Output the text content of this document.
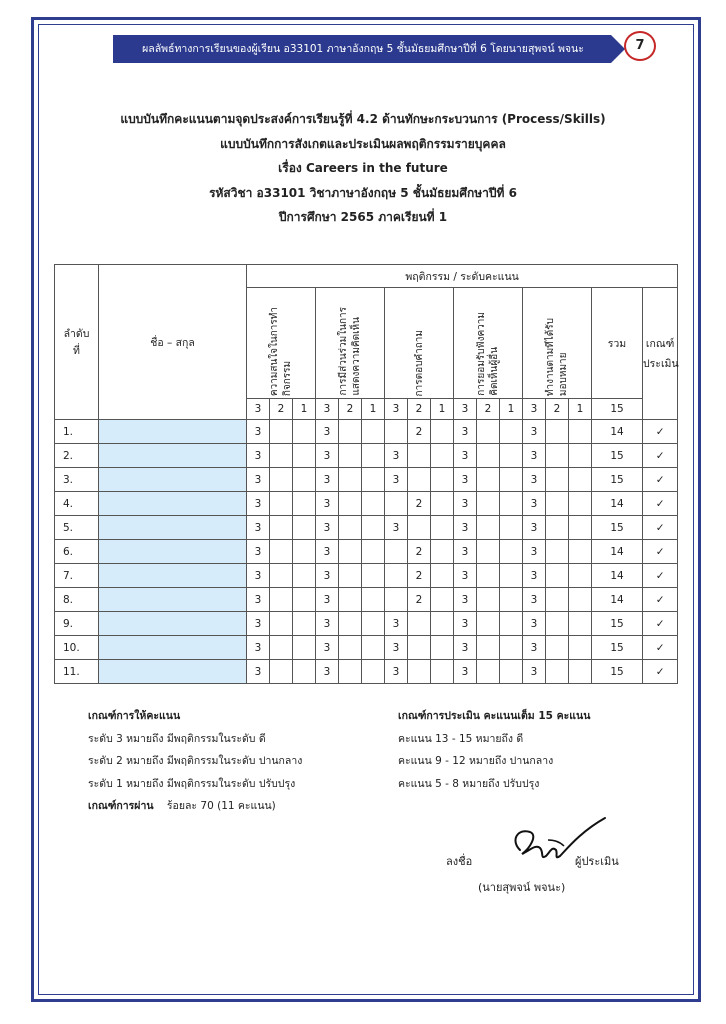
ผลลัพธ์ทางการเรียนของผู้เรียน อ33101 ภาษาอังกฤษ 5 ชั้นมัธยมศึกษาปีที่ 6 โดยนายสุพจน์ พจนะ	7
แบบบันทึกคะแนนตามจุดประสงค์การเรียนรู้ที่ 4.2 ด้านทักษะกระบวนการ (Process/Skills)
แบบบันทึกการสังเกตและประเมินผลพฤติกรรมรายบุคคล
เรื่อง Careers in the future
รหัสวิชา อ33101 วิชาภาษาอังกฤษ 5 ชั้นมัธยมศึกษาปีที่ 6
ปีการศึกษา 2565 ภาคเรียนที่ 1
ลำดับ
ที่	ชื่อ – สกุล	พฤติกรรม / ระดับคะแนน																

		ความสนใจในการทำ
กิจกรรม			การมีส่วนร่วมในการ
แสดงความคิดเห็น			การตอบคำถาม			การยอมรับฟังความ
คิดเห็นผู้อื่น			ทำงานตามที่ได้รับ
มอบหมาย			รวม	เกณฑ์
ประเมิน
		3	2	1	3	2	1	3	2	1	3	2	1	3	2	1	15	
1.		3			3				2		3			3			14	✓
2.		3			3			3			3			3			15	✓
3.		3			3			3			3			3			15	✓
4.		3			3				2		3			3			14	✓
5.		3			3			3			3			3			15	✓
6.		3			3				2		3			3			14	✓
7.		3			3				2		3			3			14	✓
8.		3			3				2		3			3			14	✓
9.		3			3			3			3			3			15	✓
10.		3			3			3			3			3			15	✓
11.		3			3			3			3			3			15	✓
เกณฑ์การให้คะแนน
ระดับ 3 หมายถึง มีพฤติกรรมในระดับ ดี
ระดับ 2 หมายถึง มีพฤติกรรมในระดับ ปานกลาง
ระดับ 1 หมายถึง มีพฤติกรรมในระดับ ปรับปรุง
เกณฑ์การผ่าน ร้อยละ 70 (11 คะแนน)
เกณฑ์การประเมิน คะแนนเต็ม 15 คะแนน
คะแนน 13 - 15 หมายถึง ดี
คะแนน 9 - 12 หมายถึง ปานกลาง
คะแนน 5 - 8 หมายถึง ปรับปรุง
ลงชื่อ	ผู้ประเมิน
(นายสุพจน์ พจนะ)
